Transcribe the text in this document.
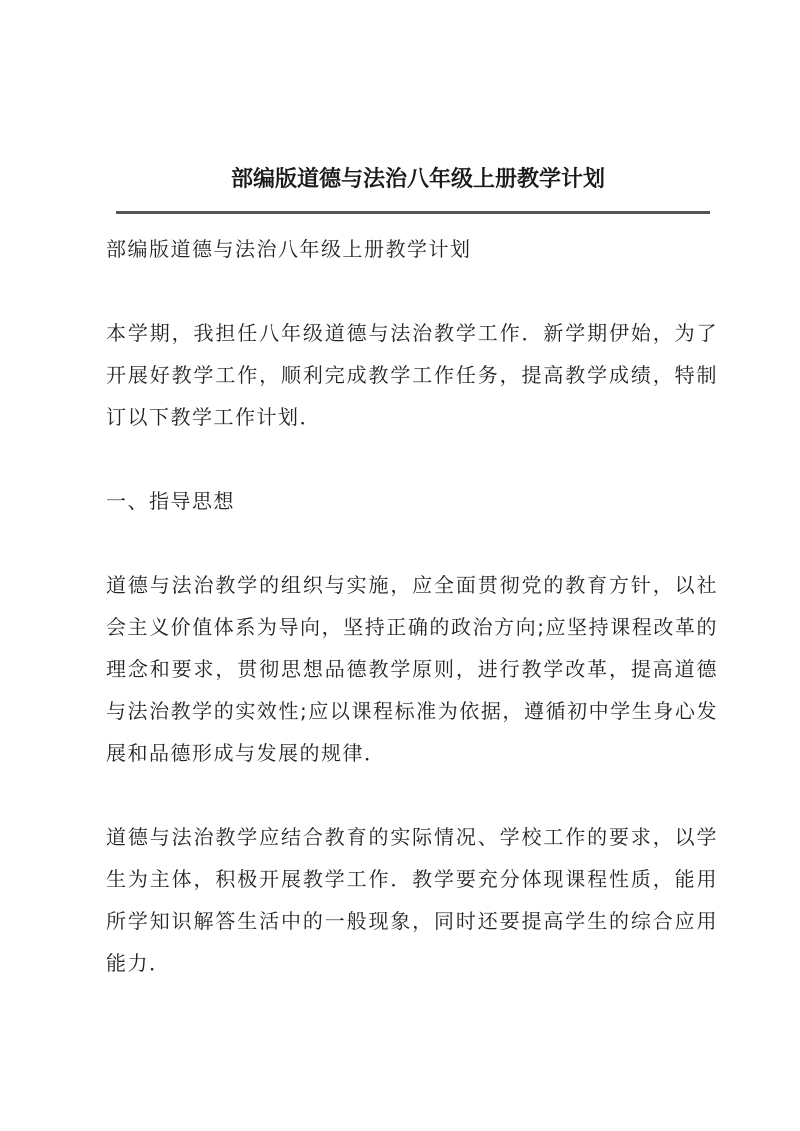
部编版道德与法治八年级上册教学计划

部编版道德与法治八年级上册教学计划

本学期，我担任八年级道德与法治教学工作．新学期伊始，为了开展好教学工作，顺利完成教学工作任务，提高教学成绩，特制订以下教学工作计划．

一、指导思想

道德与法治教学的组织与实施，应全面贯彻党的教育方针，以社会主义价值体系为导向，坚持正确的政治方向;应坚持课程改革的理念和要求，贯彻思想品德教学原则，进行教学改革，提高道德与法治教学的实效性;应以课程标准为依据，遵循初中学生身心发展和品德形成与发展的规律．

道德与法治教学应结合教育的实际情况、学校工作的要求，以学生为主体，积极开展教学工作．教学要充分体现课程性质，能用所学知识解答生活中的一般现象，同时还要提高学生的综合应用能力．
